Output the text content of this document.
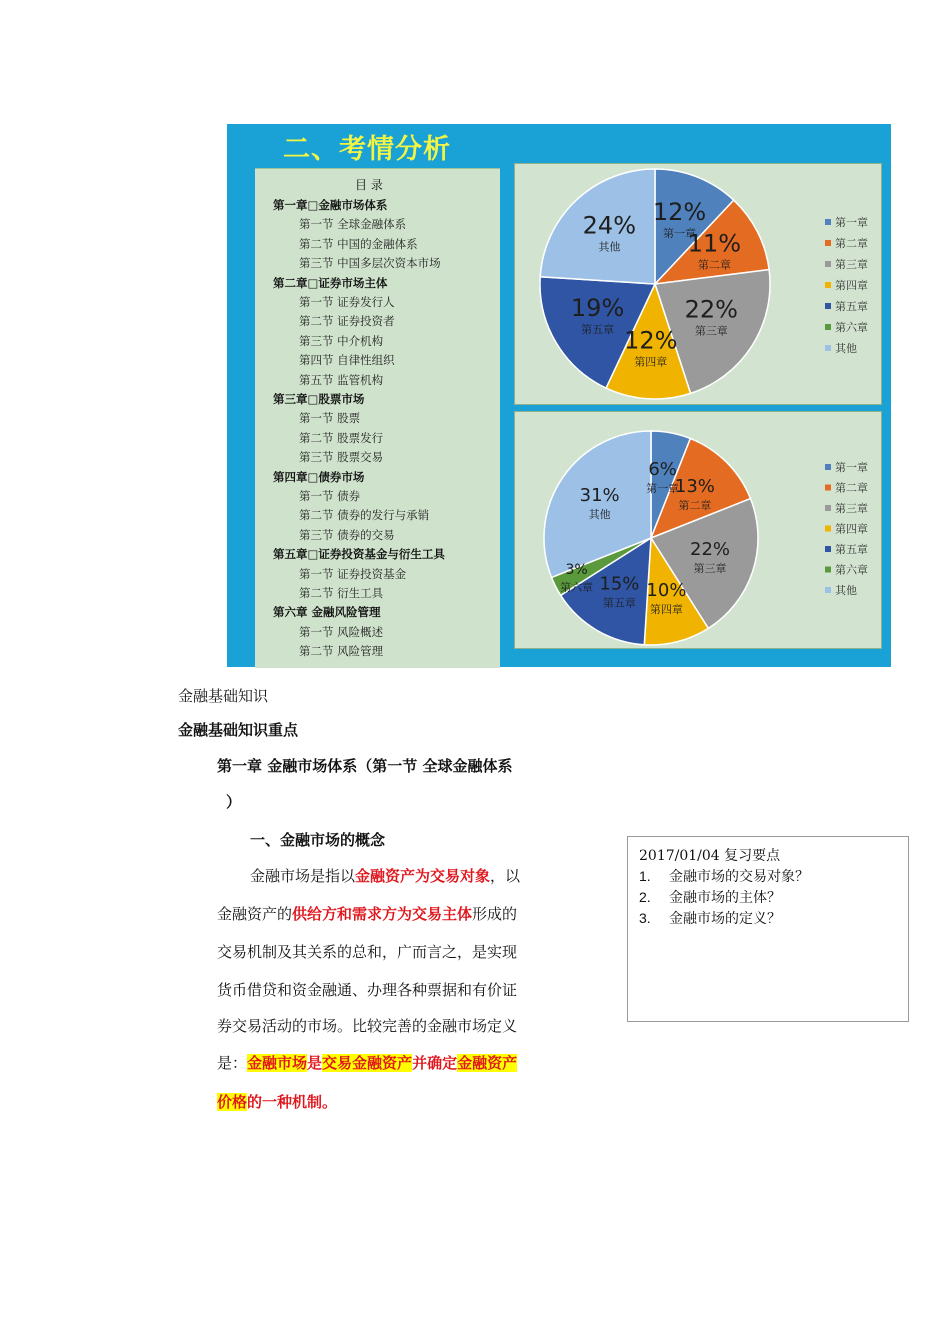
二、考情分析
目 录
第一章□金融市场体系
第一节 全球金融体系
第二节 中国的金融体系
第三节 中国多层次资本市场
第二章□证券市场主体
第一节 证券发行人
第二节 证券投资者
第三节 中介机构
第四节 自律性组织
第五节 监管机构
第三章□股票市场
第一节 股票
第二节 股票发行
第三节 股票交易
第四章□债券市场
第一节 债券
第二节 债券的发行与承销
第三节 债券的交易
第五章□证券投资基金与衍生工具
第一节 证券投资基金
第二节 衍生工具
第六章 金融风险管理
第一节 风险概述
第二节 风险管理
12%
第一章
11%
第二章
22%
第三章
12%
第四章
19%
第五章
24%
其他
第一章
第二章
第三章
第四章
第五章
第六章
其他
6%
第一章
13%
第二章
22%
第三章
10%
第四章
15%
第五章
3%
第六章
31%
其他
第一章
第二章
第三章
第四章
第五章
第六章
其他
金融基础知识
金融基础知识重点
第一章 金融市场体系（第一节 全球金融体系
）
一、金融市场的概念
金融市场是指以金融资产为交易对象，以
金融资产的供给方和需求方为交易主体形成的
交易机制及其关系的总和，广而言之，是实现
货币借贷和资金融通、办理各种票据和有价证
券交易活动的市场。比较完善的金融市场定义
是：金融市场是交易金融资产并确定金融资产
价格的一种机制。
2017/01/04 复习要点
1. 金融市场的交易对象？
2. 金融市场的主体？
3. 金融市场的定义？
